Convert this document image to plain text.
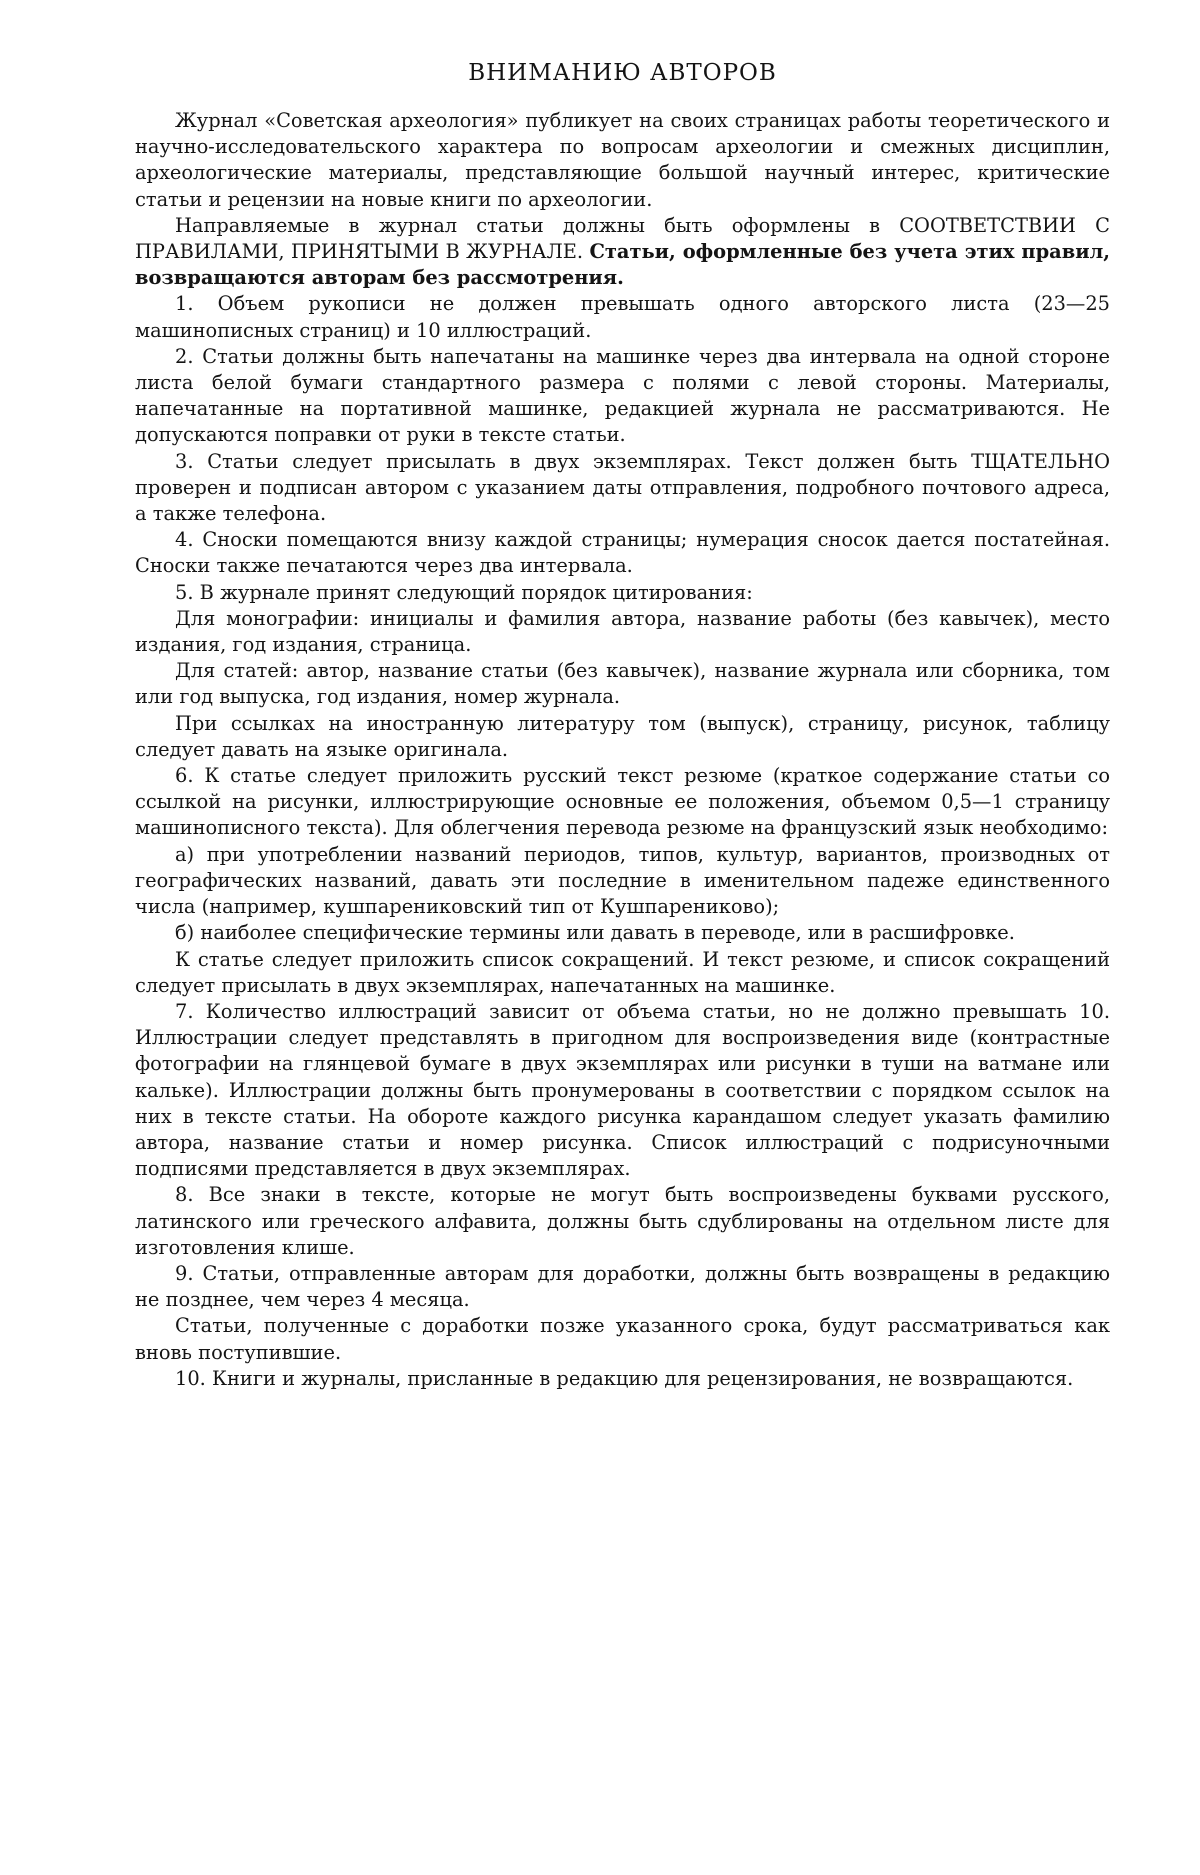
ВНИМАНИЮ АВТОРОВ

Журнал «Советская археология» публикует на своих страницах работы теоретического и научно-исследовательского характера по вопросам археологии и смежных дисциплин, археологические материалы, представляющие большой научный интерес, критические статьи и рецензии на новые книги по археологии.

Направляемые в журнал статьи должны быть оформлены в СООТВЕТСТВИИ С ПРАВИЛАМИ, ПРИНЯТЫМИ В ЖУРНАЛЕ. Статьи, оформленные без учета этих правил, возвращаются авторам без рассмотрения.

1. Объем рукописи не должен превышать одного авторского листа (23—25 машинописных страниц) и 10 иллюстраций.

2. Статьи должны быть напечатаны на машинке через два интервала на одной стороне листа белой бумаги стандартного размера с полями с левой стороны. Материалы, напечатанные на портативной машинке, редакцией журнала не рассматриваются. Не допускаются поправки от руки в тексте статьи.

3. Статьи следует присылать в двух экземплярах. Текст должен быть ТЩАТЕЛЬНО проверен и подписан автором с указанием даты отправления, подробного почтового адреса, а также телефона.

4. Сноски помещаются внизу каждой страницы; нумерация сносок дается постатейная. Сноски также печатаются через два интервала.

5. В журнале принят следующий порядок цитирования:

Для монографии: инициалы и фамилия автора, название работы (без кавычек), место издания, год издания, страница.

Для статей: автор, название статьи (без кавычек), название журнала или сборника, том или год выпуска, год издания, номер журнала.

При ссылках на иностранную литературу том (выпуск), страницу, рисунок, таблицу следует давать на языке оригинала.

6. К статье следует приложить русский текст резюме (краткое содержание статьи со ссылкой на рисунки, иллюстрирующие основные ее положения, объемом 0,5—1 страницу машинописного текста). Для облегчения перевода резюме на французский язык необходимо:

а) при употреблении названий периодов, типов, культур, вариантов, производных от географических названий, давать эти последние в именительном падеже единственного числа (например, кушпарениковский тип от Кушпарениково);

б) наиболее специфические термины или давать в переводе, или в расшифровке.

К статье следует приложить список сокращений. И текст резюме, и список сокращений следует присылать в двух экземплярах, напечатанных на машинке.

7. Количество иллюстраций зависит от объема статьи, но не должно превышать 10. Иллюстрации следует представлять в пригодном для воспроизведения виде (контрастные фотографии на глянцевой бумаге в двух экземплярах или рисунки в туши на ватмане или кальке). Иллюстрации должны быть пронумерованы в соответствии с порядком ссылок на них в тексте статьи. На обороте каждого рисунка карандашом следует указать фамилию автора, название статьи и номер рисунка. Список иллюстраций с подрисуночными подписями представляется в двух экземплярах.

8. Все знаки в тексте, которые не могут быть воспроизведены буквами русского, латинского или греческого алфавита, должны быть сдублированы на отдельном листе для изготовления клише.

9. Статьи, отправленные авторам для доработки, должны быть возвращены в редакцию не позднее, чем через 4 месяца.

Статьи, полученные с доработки позже указанного срока, будут рассматриваться как вновь поступившие.

10. Книги и журналы, присланные в редакцию для рецензирования, не возвращаются.
